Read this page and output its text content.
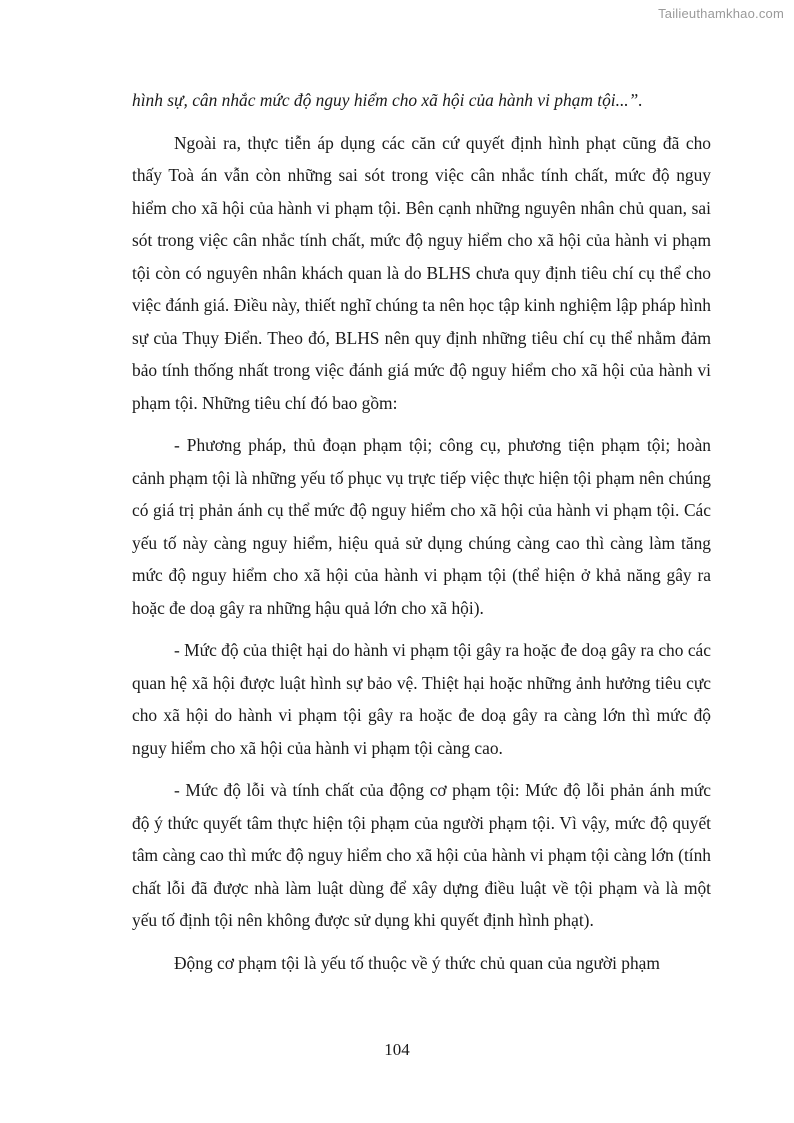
Tailieuthamkhao.com

hình sự, cân nhắc mức độ nguy hiểm cho xã hội của hành vi phạm tội...”.

Ngoài ra, thực tiễn áp dụng các căn cứ quyết định hình phạt cũng đã cho thấy Toà án vẫn còn những sai sót trong việc cân nhắc tính chất, mức độ nguy hiểm cho xã hội của hành vi phạm tội. Bên cạnh những nguyên nhân chủ quan, sai sót trong việc cân nhắc tính chất, mức độ nguy hiểm cho xã hội của hành vi phạm tội còn có nguyên nhân khách quan là do BLHS chưa quy định tiêu chí cụ thể cho việc đánh giá. Điều này, thiết nghĩ chúng ta nên học tập kinh nghiệm lập pháp hình sự của Thụy Điển. Theo đó, BLHS nên quy định những tiêu chí cụ thể nhằm đảm bảo tính thống nhất trong việc đánh giá mức độ nguy hiểm cho xã hội của hành vi phạm tội. Những tiêu chí đó bao gồm:

- Phương pháp, thủ đoạn phạm tội; công cụ, phương tiện phạm tội; hoàn cảnh phạm tội là những yếu tố phục vụ trực tiếp việc thực hiện tội phạm nên chúng có giá trị phản ánh cụ thể mức độ nguy hiểm cho xã hội của hành vi phạm tội. Các yếu tố này càng nguy hiểm, hiệu quả sử dụng chúng càng cao thì càng làm tăng mức độ nguy hiểm cho xã hội của hành vi phạm tội (thể hiện ở khả năng gây ra hoặc đe doạ gây ra những hậu quả lớn cho xã hội).

- Mức độ của thiệt hại do hành vi phạm tội gây ra hoặc đe doạ gây ra cho các quan hệ xã hội được luật hình sự bảo vệ. Thiệt hại hoặc những ảnh hưởng tiêu cực cho xã hội do hành vi phạm tội gây ra hoặc đe doạ gây ra càng lớn thì mức độ nguy hiểm cho xã hội của hành vi phạm tội càng cao.

- Mức độ lỗi và tính chất của động cơ phạm tội: Mức độ lỗi phản ánh mức độ ý thức quyết tâm thực hiện tội phạm của người phạm tội. Vì vậy, mức độ quyết tâm càng cao thì mức độ nguy hiểm cho xã hội của hành vi phạm tội càng lớn (tính chất lỗi đã được nhà làm luật dùng để xây dựng điều luật về tội phạm và là một yếu tố định tội nên không được sử dụng khi quyết định hình phạt).

Động cơ phạm tội là yếu tố thuộc về ý thức chủ quan của người phạm

104
